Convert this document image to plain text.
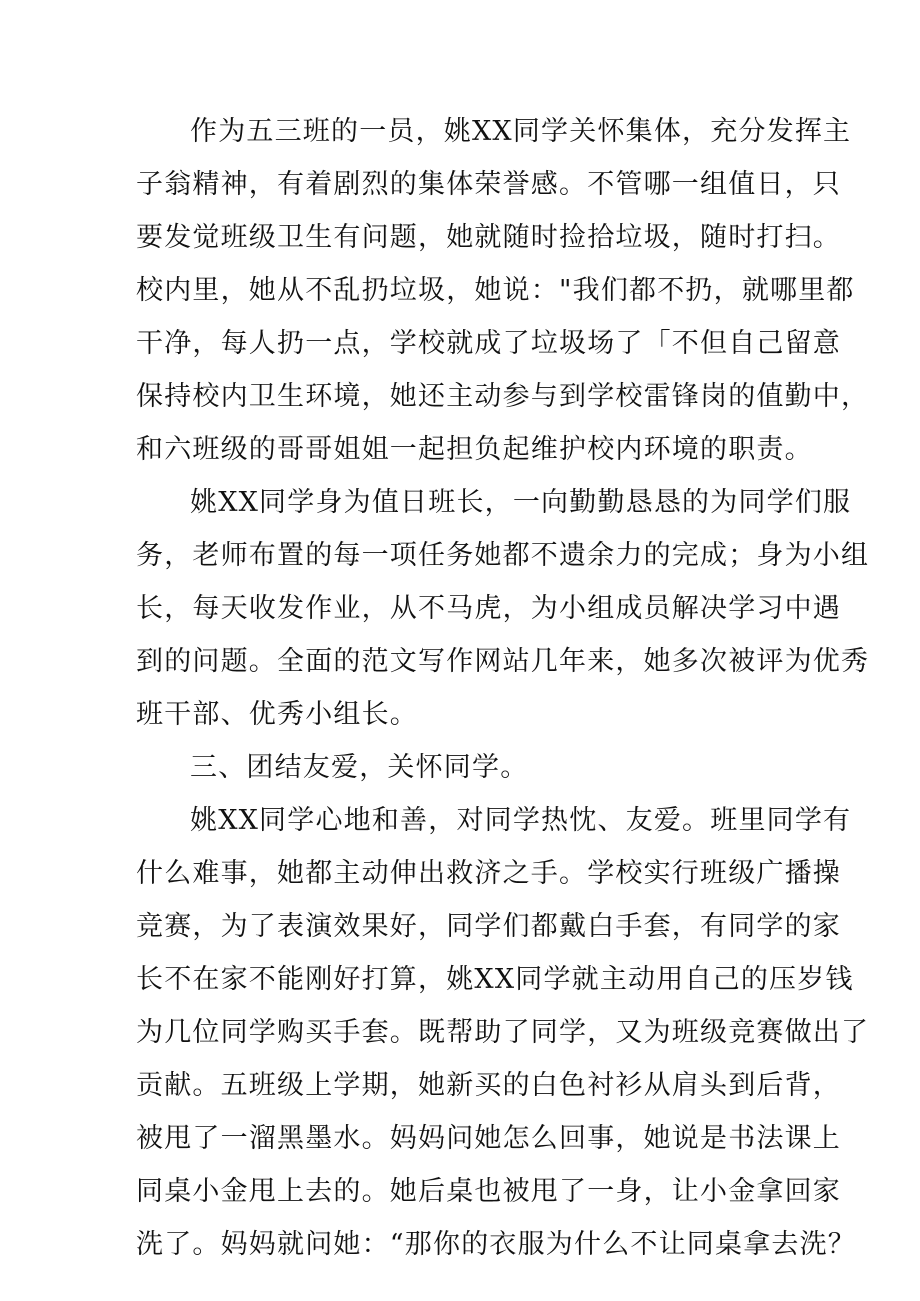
作为五三班的一员，姚XX同学关怀集体，充分发挥主
子翁精神，有着剧烈的集体荣誉感。不管哪一组值日，只
要发觉班级卫生有问题，她就随时捡拾垃圾，随时打扫。
校内里，她从不乱扔垃圾，她说："我们都不扔，就哪里都
干净，每人扔一点，学校就成了垃圾场了「不但自己留意
保持校内卫生环境，她还主动参与到学校雷锋岗的值勤中，
和六班级的哥哥姐姐一起担负起维护校内环境的职责。
姚XX同学身为值日班长，一向勤勤恳恳的为同学们服
务，老师布置的每一项任务她都不遗余力的完成；身为小组
长，每天收发作业，从不马虎，为小组成员解决学习中遇
到的问题。全面的范文写作网站几年来，她多次被评为优秀
班干部、优秀小组长。
三、团结友爱，关怀同学。
姚XX同学心地和善，对同学热忱、友爱。班里同学有
什么难事，她都主动伸出救济之手。学校实行班级广播操
竞赛，为了表演效果好，同学们都戴白手套，有同学的家
长不在家不能刚好打算，姚XX同学就主动用自己的压岁钱
为几位同学购买手套。既帮助了同学，又为班级竞赛做出了
贡献。五班级上学期，她新买的白色衬衫从肩头到后背，
被甩了一溜黑墨水。妈妈问她怎么回事，她说是书法课上
同桌小金甩上去的。她后桌也被甩了一身，让小金拿回家
洗了。妈妈就问她：“那你的衣服为什么不让同桌拿去洗？
